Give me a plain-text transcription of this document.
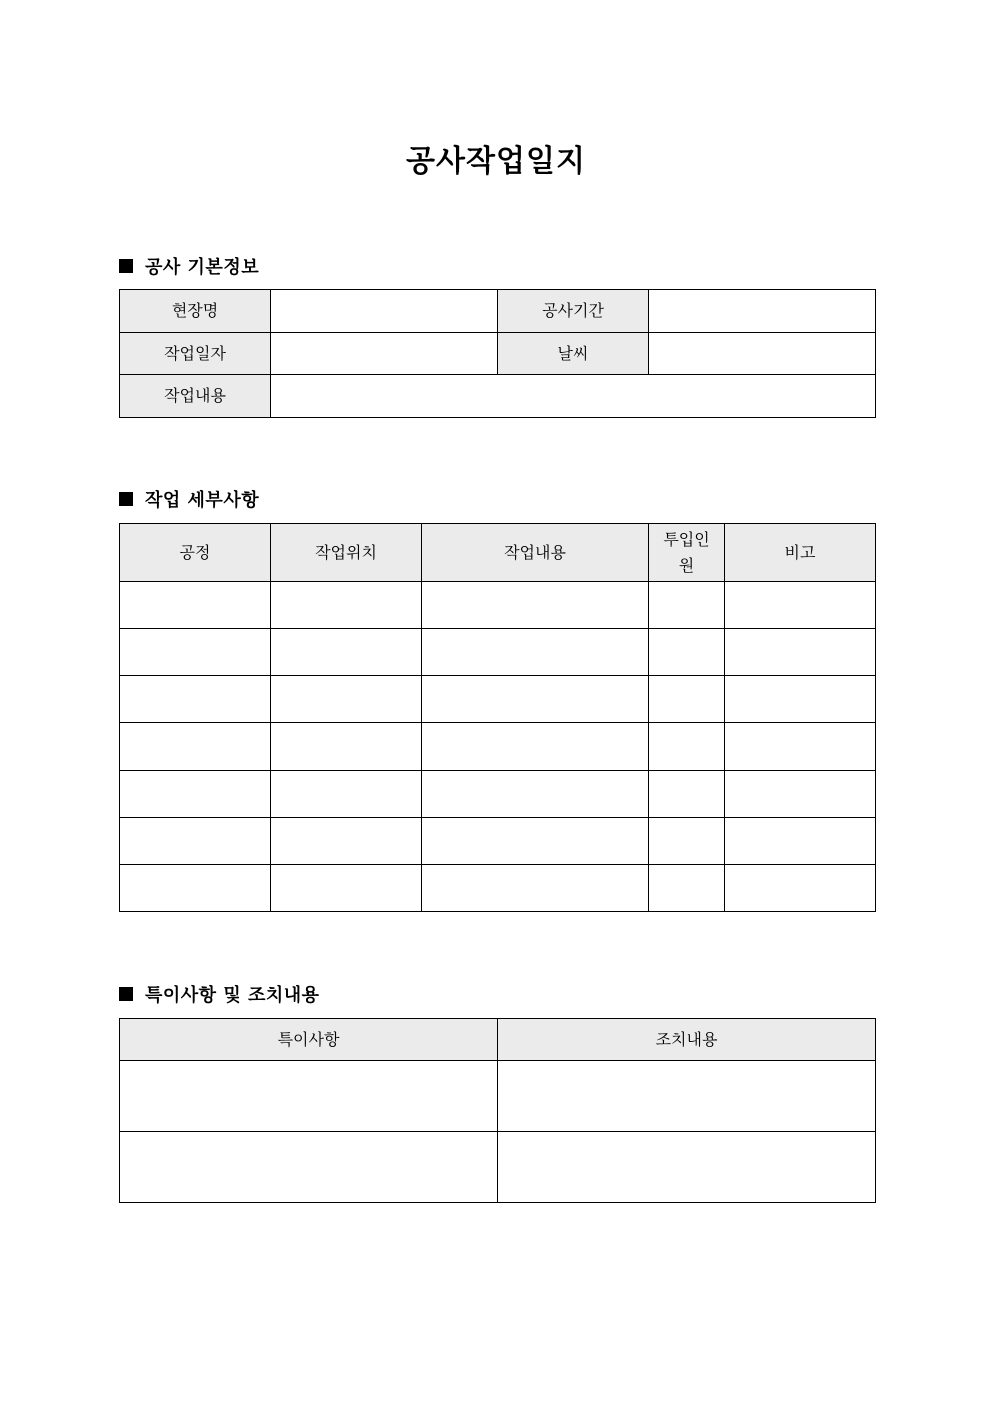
공사작업일지
공사 기본정보
현장명		공사기간	
작업일자		날씨	
작업내용			
작업 세부사항
공정	작업위치	작업내용	투입인원	비고

특이사항 및 조치내용
특이사항	조치내용
